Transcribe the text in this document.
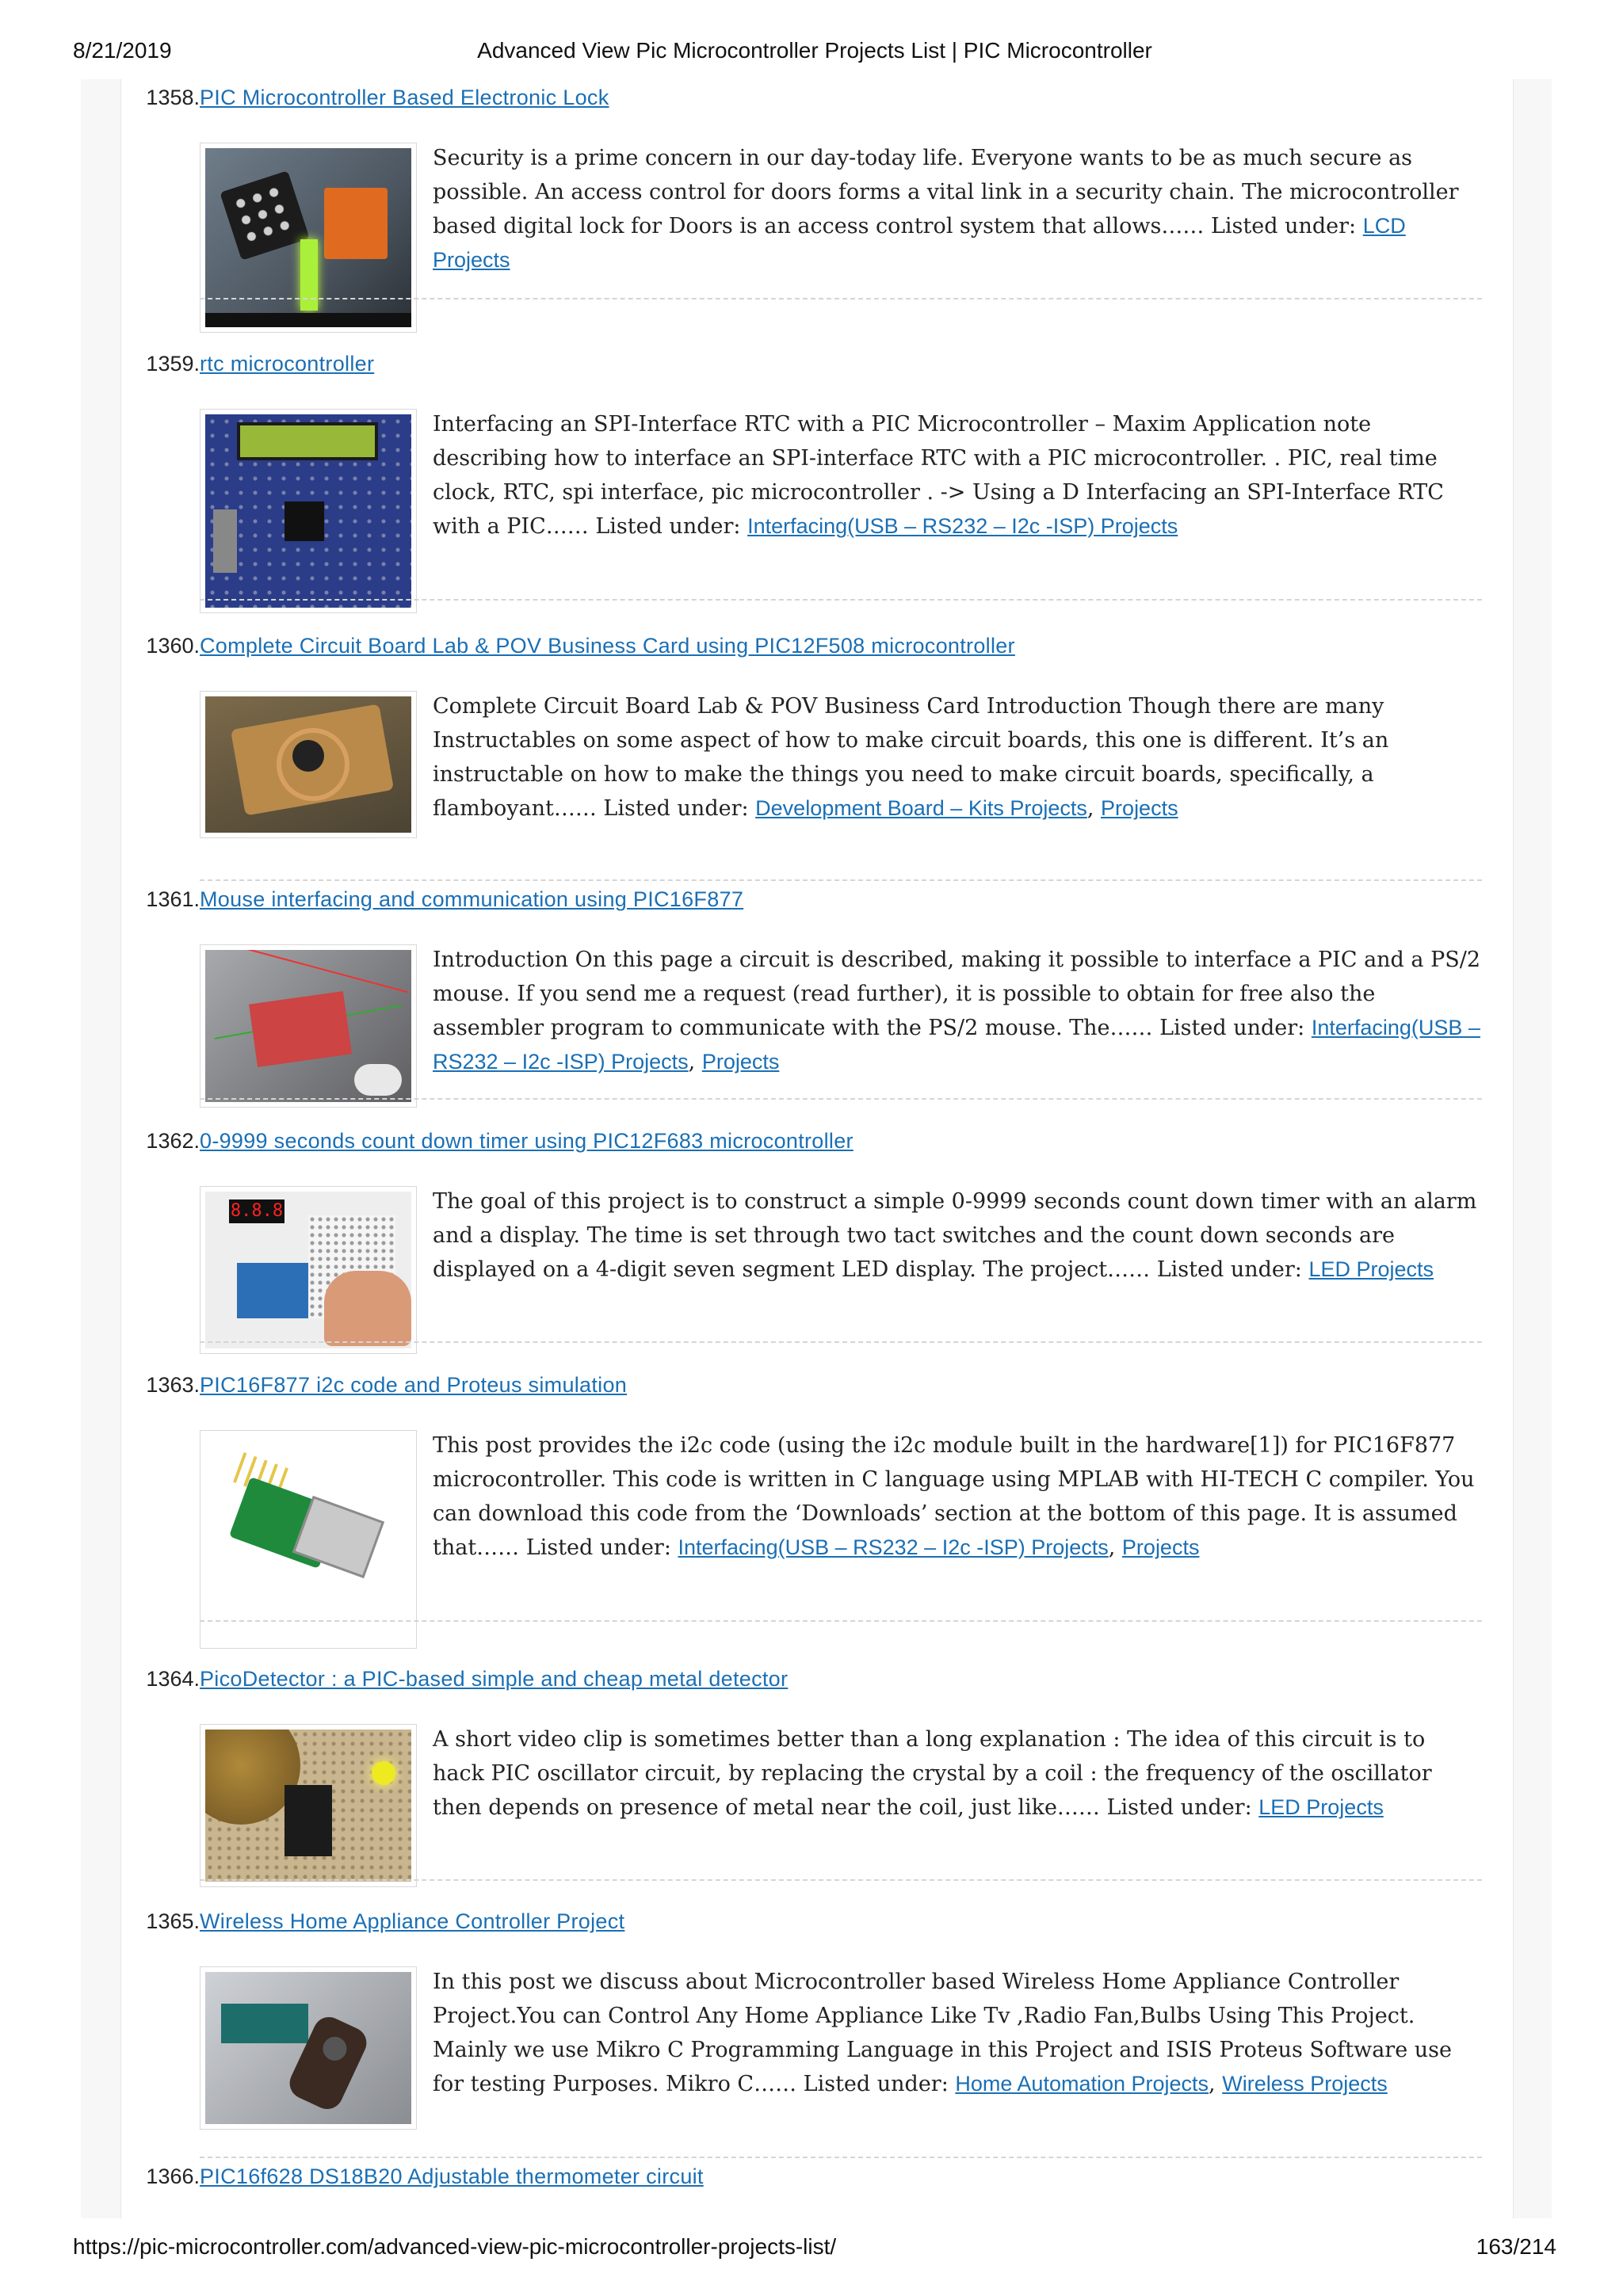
8/21/2019	Advanced View Pic Microcontroller Projects List | PIC Microcontroller
1358. PIC Microcontroller Based Electronic Lock
Security is a prime concern in our day-today life. Everyone wants to be as much secure as possible. An access control for doors forms a vital link in a security chain. The microcontroller based digital lock for Doors is an access control system that allows…… Listed under: LCD Projects
1359. rtc microcontroller
Interfacing an SPI-Interface RTC with a PIC Microcontroller – Maxim Application note describing how to interface an SPI-interface RTC with a PIC microcontroller. . PIC, real time clock, RTC, spi interface, pic microcontroller . -> Using a D Interfacing an SPI-Interface RTC with a PIC…… Listed under: Interfacing(USB – RS232 – I2c -ISP) Projects
1360. Complete Circuit Board Lab & POV Business Card using PIC12F508 microcontroller
Complete Circuit Board Lab & POV Business Card Introduction Though there are many Instructables on some aspect of how to make circuit boards, this one is different. It’s an instructable on how to make the things you need to make circuit boards, specifically, a flamboyant…… Listed under: Development Board – Kits Projects, Projects
1361. Mouse interfacing and communication using PIC16F877
Introduction On this page a circuit is described, making it possible to interface a PIC and a PS/2 mouse. If you send me a request (read further), it is possible to obtain for free also the assembler program to communicate with the PS/2 mouse. The…… Listed under: Interfacing(USB – RS232 – I2c -ISP) Projects, Projects
1362. 0-9999 seconds count down timer using PIC12F683 microcontroller
8.8.8	The goal of this project is to construct a simple 0-9999 seconds count down timer with an alarm and a display. The time is set through two tact switches and the count down seconds are displayed on a 4-digit seven segment LED display. The project…… Listed under: LED Projects
1363. PIC16F877 i2c code and Proteus simulation
This post provides the i2c code (using the i2c module built in the hardware[1]) for PIC16F877 microcontroller. This code is written in C language using MPLAB with HI-TECH C compiler. You can download this code from the ‘Downloads’ section at the bottom of this page. It is assumed that…… Listed under: Interfacing(USB – RS232 – I2c -ISP) Projects, Projects
1364. PicoDetector : a PIC-based simple and cheap metal detector
A short video clip is sometimes better than a long explanation : The idea of this circuit is to hack PIC oscillator circuit, by replacing the crystal by a coil : the frequency of the oscillator then depends on presence of metal near the coil, just like…… Listed under: LED Projects
1365. Wireless Home Appliance Controller Project
In this post we discuss about Microcontroller based Wireless Home Appliance Controller Project.You can Control Any Home Appliance Like Tv ,Radio Fan,Bulbs Using This Project. Mainly we use Mikro C Programming Language in this Project and ISIS Proteus Software use for testing Purposes. Mikro C…… Listed under: Home Automation Projects, Wireless Projects
1366. PIC16f628 DS18B20 Adjustable thermometer circuit
https://pic-microcontroller.com/advanced-view-pic-microcontroller-projects-list/	163/214
